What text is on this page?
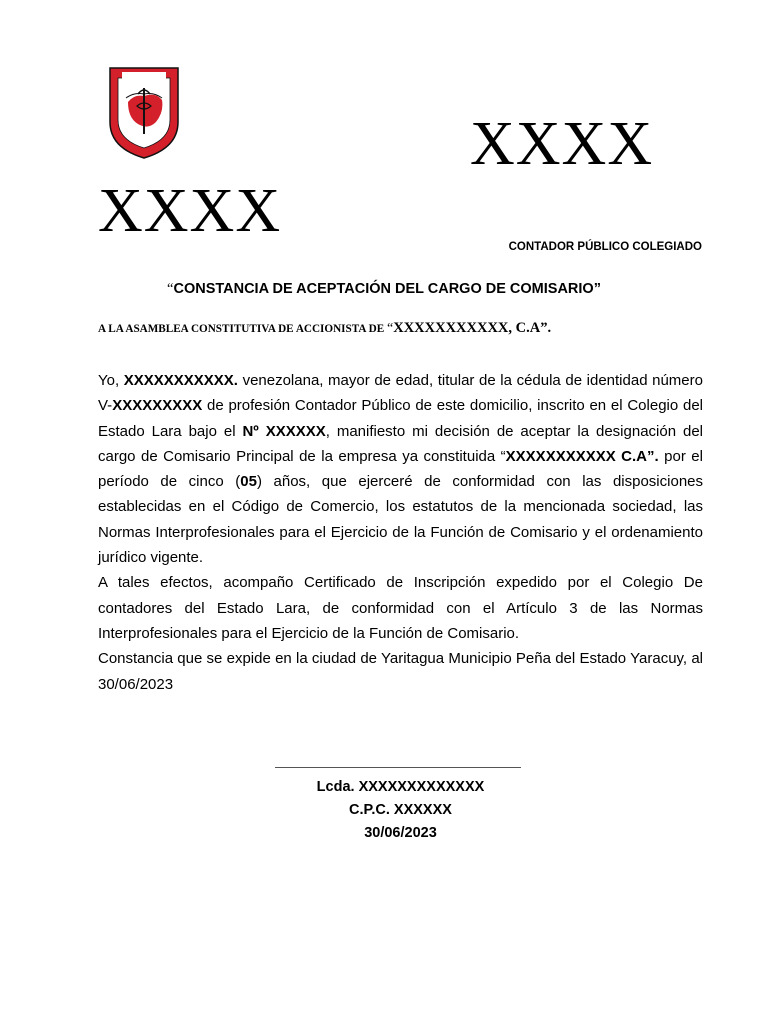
XXXX
XXXX
CONTADOR PÚBLICO COLEGIADO
“CONSTANCIA DE ACEPTACIÓN DEL CARGO DE COMISARIO”
A LA ASAMBLEA CONSTITUTIVA DE ACCIONISTA DE “XXXXXXXXXXX, C.A”.

Yo, XXXXXXXXXXX. venezolana, mayor de edad, titular de la cédula de identidad número V-XXXXXXXXX de profesión Contador Público de este domicilio, inscrito en el Colegio del Estado Lara bajo el Nº XXXXXX, manifiesto mi decisión de aceptar la designación del cargo de Comisario Principal de la empresa ya constituida “XXXXXXXXXXX C.A”. por el período de cinco (05) años, que ejerceré de conformidad con las disposiciones establecidas en el Código de Comercio, los estatutos de la mencionada sociedad, las Normas Interprofesionales para el Ejercicio de la Función de Comisario y el ordenamiento jurídico vigente.

A tales efectos, acompaño Certificado de Inscripción expedido por el Colegio De contadores del Estado Lara, de conformidad con el Artículo 3 de las Normas Interprofesionales para el Ejercicio de la Función de Comisario.

Constancia que se expide en la ciudad de Yaritagua Municipio Peña del Estado Yaracuy, al 30/06/2023

Lcda. XXXXXXXXXXXXX
C.P.C. XXXXXX
30/06/2023
